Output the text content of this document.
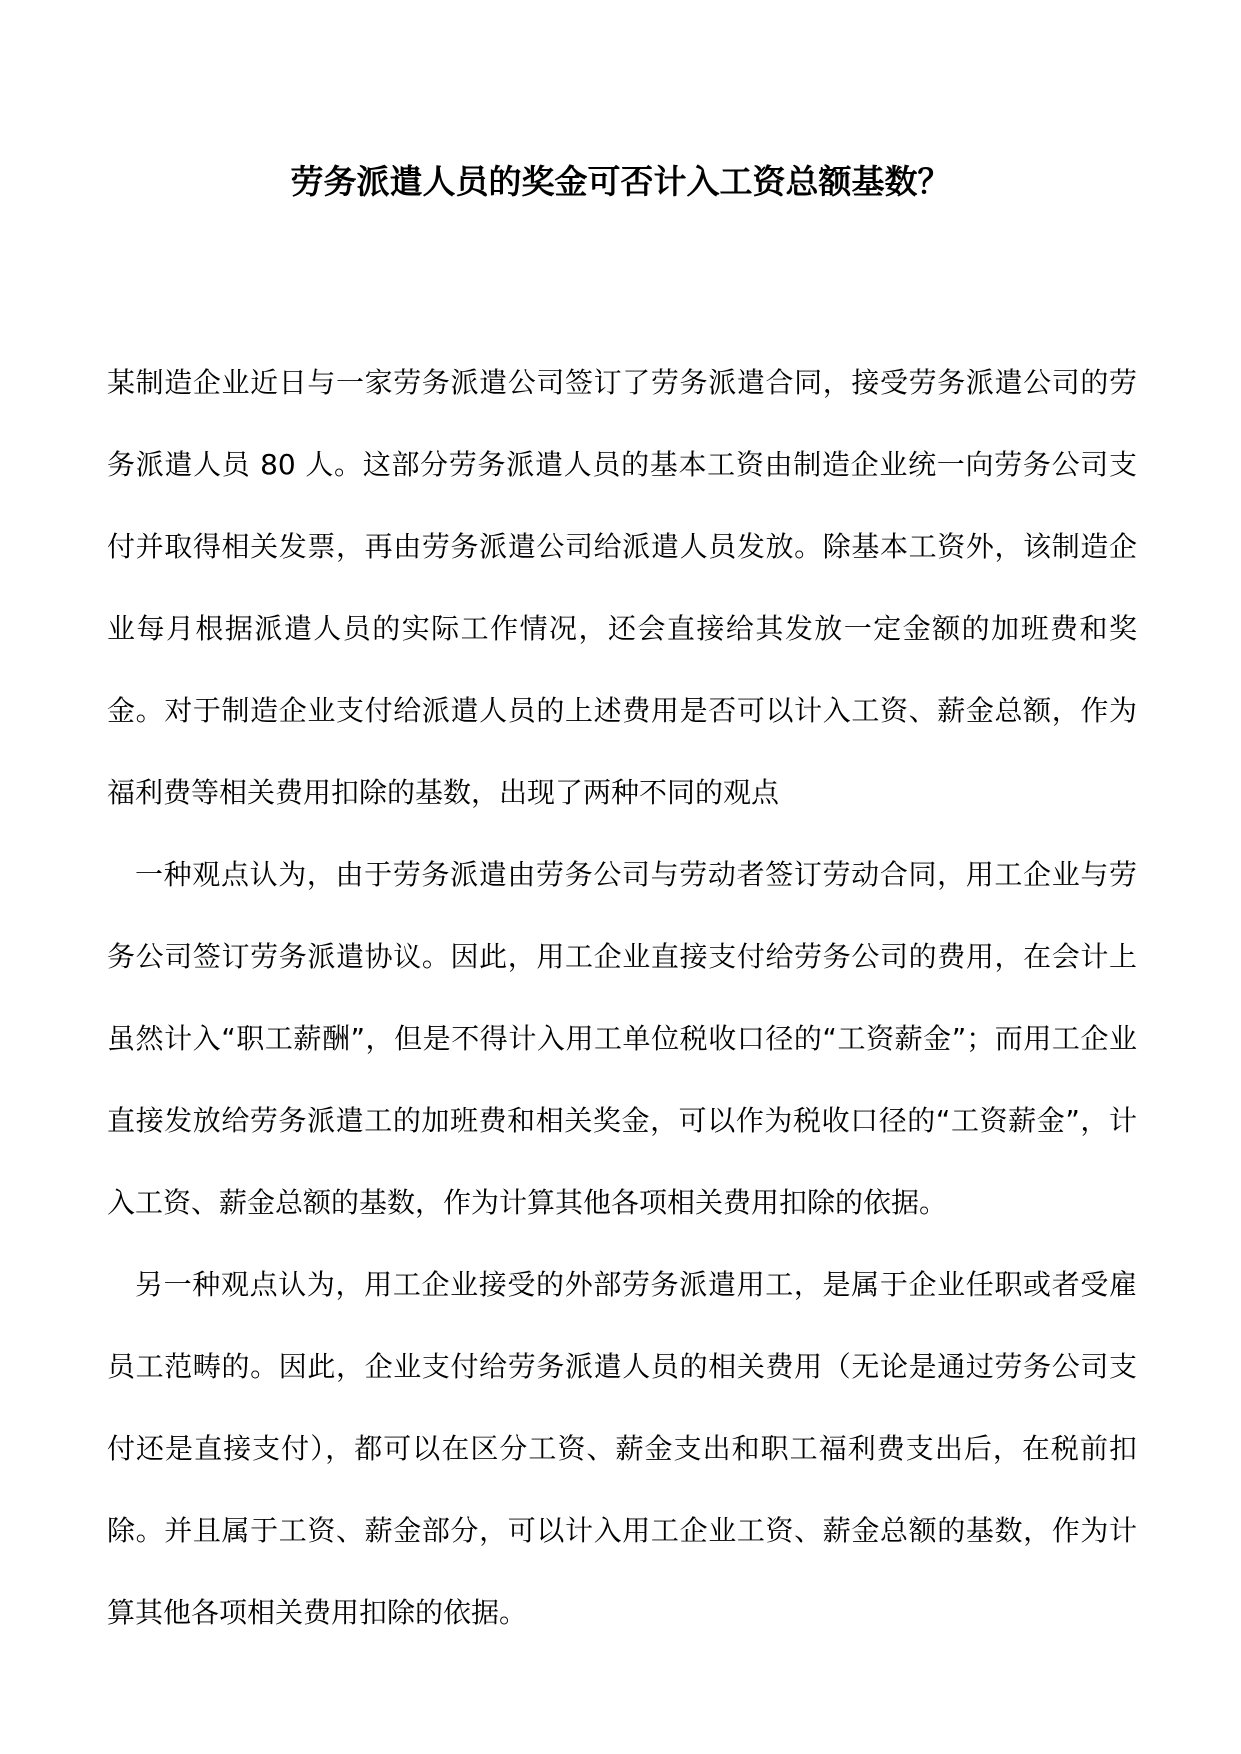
劳务派遣人员的奖金可否计入工资总额基数？

某制造企业近日与一家劳务派遣公司签订了劳务派遣合同，接受劳务派遣公司的劳务派遣人员 80 人。这部分劳务派遣人员的基本工资由制造企业统一向劳务公司支付并取得相关发票，再由劳务派遣公司给派遣人员发放。除基本工资外，该制造企业每月根据派遣人员的实际工作情况，还会直接给其发放一定金额的加班费和奖金。对于制造企业支付给派遣人员的上述费用是否可以计入工资、薪金总额，作为福利费等相关费用扣除的基数，出现了两种不同的观点

一种观点认为，由于劳务派遣由劳务公司与劳动者签订劳动合同，用工企业与劳务公司签订劳务派遣协议。因此，用工企业直接支付给劳务公司的费用，在会计上虽然计入“职工薪酬”，但是不得计入用工单位税收口径的“工资薪金”；而用工企业直接发放给劳务派遣工的加班费和相关奖金，可以作为税收口径的“工资薪金”，计入工资、薪金总额的基数，作为计算其他各项相关费用扣除的依据。

另一种观点认为，用工企业接受的外部劳务派遣用工，是属于企业任职或者受雇员工范畴的。因此，企业支付给劳务派遣人员的相关费用（无论是通过劳务公司支付还是直接支付），都可以在区分工资、薪金支出和职工福利费支出后，在税前扣除。并且属于工资、薪金部分，可以计入用工企业工资、薪金总额的基数，作为计算其他各项相关费用扣除的依据。
